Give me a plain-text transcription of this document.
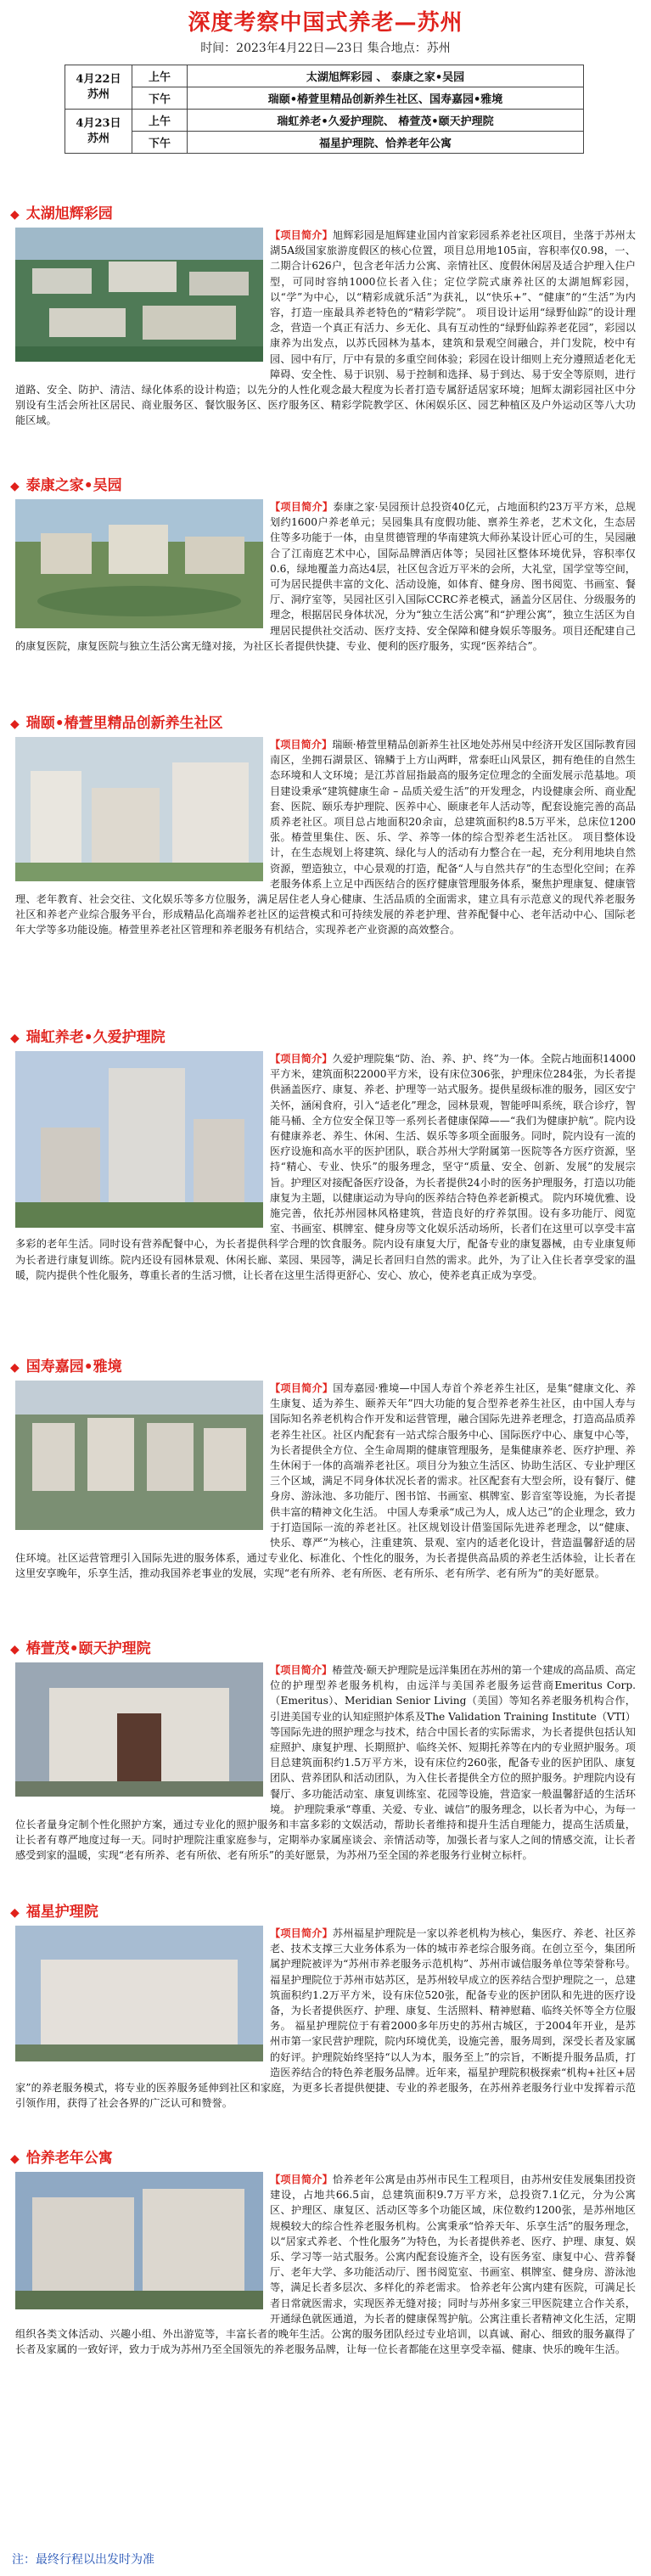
深度考察中国式养老—苏州
时间：2023年4月22日—23日 集合地点：苏州
4月22日
苏州	上午	太湖旭辉彩园 、 泰康之家•吴园
	下午	瑞颐•椿萱里精品创新养生社区、国寿嘉园•雅境
4月23日
苏州	上午	瑞虹养老•久爱护理院、 椿萱茂•颐天护理院
	下午	福星护理院、恰养老年公寓
◆ 太湖旭辉彩园
【项目简介】旭辉彩园是旭辉建业国内首家彩园系养老社区项目，坐落于苏州太湖5A级国家旅游度假区的核心位置，项目总用地105亩，容积率仅0.98，一、二期合计626户，包含老年活力公寓、亲情社区、度假休闲居及适合护理入住户型，可同时容纳1000位长者入住；定位学院式康养社区的太湖旭辉彩园，以“学”为中心，以“精彩成就乐活”为获礼，以“快乐+”、“健康”的“生活”为内容，打造一座最具养老特色的“精彩学院”。 项目设计运用“绿野仙踪”的设计理念，营造一个真正有活力、乡无化、具有互动性的“绿野仙踪养老花园”，彩园以康养为出发点，以苏氏园林为基本，建筑和景观空间融合，并门发院，校中有园、园中有厅，厅中有景的多重空间体验；彩园在设计细则上充分遵照适老化无障碍、安全性、易于识别、易于控制和选择、易于到达、易于安全等原则，进行道路、安全、防护、清洁、绿化体系的设计构造；以先分的人性化观念最大程度为长者打造专属舒适居家环境；旭辉太湖彩园社区中分别设有生活会所社区居民、商业服务区、餐饮服务区、医疗服务区、精彩学院教学区、休闲娱乐区、园艺种植区及户外运动区等八大功能区域。
◆ 泰康之家•吴园
【项目简介】泰康之家·吴园预计总投资40亿元，占地面积约23万平方米，总规划约1600户养老单元；吴园集具有度假功能、禀养生养老，艺术文化，生态居住等多功能于一体，由皇贯德管理的华南建筑大师孙某设计匠心可的生，吴园融合了江南庭艺术中心，国际品牌酒店体等；吴园社区整体环境优异，容积率仅0.6，绿地覆盖力高达4层，社区包含近万平米的会所，大礼堂，国学堂等空间，可为居民提供丰富的文化、活动设施，如体育、健身房、图书阅览、书画室、餐厅、洞疗室等，吴园社区引入国际CCRC养老模式，涵盖分区居住、分级服务的理念，根据居民身体状况，分为“独立生活公寓”和“护理公寓”，独立生活区为自理居民提供社交活动、医疗支持、安全保障和健身娱乐等服务。项目还配建自己的康复医院，康复医院与独立生活公寓无缝对接，为社区长者提供快捷、专业、便利的医疗服务，实现“医养结合”。
◆ 瑞颐•椿萱里精品创新养生社区
【项目简介】瑞颐·椿萱里精品创新养生社区地处苏州吴中经济开发区国际教育园南区，坐拥石湖景区、锦鳞于上方山两畔，常泰旺山风景区，拥有绝佳的自然生态环境和人文环境；是江苏首屈指最高的服务定位理念的全面发展示范基地。项目建设秉承“建筑健康生命 – 品质关爱生活”的开发理念，内设健康会所、商业配套、医院、颐乐寿护理院、医养中心、颐康老年人活动等，配套设施完善的高品质养老社区。项目总占地面积20余亩，总建筑面积约8.5万平米，总床位1200张。椿萱里集住、医、乐、学、养等一体的综合型养老生活社区。 项目整体设计，在生态规划上将建筑、绿化与人的活动有力整合在一起，充分利用地块自然资源，塑造独立，中心景观的打造，配备“人与自然共存”的生态型化空间；在养老服务体系上立足中西医结合的医疗健康管理服务体系，聚焦护理康复、健康管理、老年教育、社会交往、文化娱乐等多方位服务，满足居住老人身心健康、生活品质的全面需求，建立具有示范意义的现代养老服务社区和养老产业综合服务平台，形成精品化高端养老社区的运营模式和可持续发展的养老护理、营养配餐中心、老年活动中心、国际老年大学等多功能设施。椿萱里养老社区管理和养老服务有机结合，实现养老产业资源的高效整合。
◆ 瑞虹养老•久爱护理院
【项目简介】久爱护理院集“防、治、养、护、终”为一体。全院占地面积14000平方米，建筑面积22000平方米，设有床位306张，护理床位284张，为长者提供涵盖医疗、康复、养老、护理等一站式服务。提供星级标准的服务，园区安宁关怀，涵闲食府，引入“适老化”理念，园林景观，智能呼叫系统，联合诊疗，智能马桶、全方位安全保卫等一系列长者健康保障——“我们为健康护航”。院内设有健康养老、养生、休闲、生活、娱乐等多项全面服务。同时，院内设有一流的医疗设施和高水平的医护团队，联合苏州大学附属第一医院等各方医疗资源，坚持“精心、专业、快乐”的服务理念，坚守“质量、安全、创新、发展”的发展宗旨。护理区对接配备医疗设备，为长者提供24小时的医务护理服务，打造以功能康复为主题，以健康运动为导向的医养结合特色养老新模式。 院内环境优雅、设施完善，依托苏州园林风格建筑，营造良好的疗养氛围。设有多功能厅、阅览室、书画室、棋牌室、健身房等文化娱乐活动场所，长者们在这里可以享受丰富多彩的老年生活。同时设有营养配餐中心，为长者提供科学合理的饮食服务。院内设有康复大厅，配备专业的康复器械，由专业康复师为长者进行康复训练。院内还设有园林景观、休闲长廊、菜园、果园等，满足长者回归自然的需求。此外，为了让入住长者享受家的温暖，院内提供个性化服务，尊重长者的生活习惯，让长者在这里生活得更舒心、安心、放心，使养老真正成为享受。
◆ 国寿嘉园•雅境
【项目简介】国寿嘉园·雅境—中国人寿首个养老养生社区，是集“健康文化、养生康复、适为养生、颐养天年”四大功能的复合型养老养生社区，由中国人寿与国际知名养老机构合作开发和运营管理，融合国际先进养老理念，打造高品质养老养生社区。社区内配套有一站式综合服务中心、国际医疗中心、康复中心等，为长者提供全方位、全生命周期的健康管理服务，是集健康养老、医疗护理、养生休闲于一体的高端养老社区。项目分为独立生活区、协助生活区、专业护理区三个区域，满足不同身体状况长者的需求。社区配套有大型会所，设有餐厅、健身房、游泳池、多功能厅、图书馆、书画室、棋牌室、影音室等设施，为长者提供丰富的精神文化生活。 中国人寿秉承“成己为人，成人达己”的企业理念，致力于打造国际一流的养老社区。社区规划设计借鉴国际先进养老理念，以“健康、快乐、尊严”为核心，注重建筑、景观、室内的适老化设计，营造温馨舒适的居住环境。社区运营管理引入国际先进的服务体系，通过专业化、标准化、个性化的服务，为长者提供高品质的养老生活体验，让长者在这里安享晚年，乐享生活，推动我国养老事业的发展，实现“老有所养、老有所医、老有所乐、老有所学、老有所为”的美好愿景。
◆ 椿萱茂•颐天护理院
【项目简介】椿萱茂·颐天护理院是远洋集团在苏州的第一个建成的高品质、高定位的护理型养老服务机构，由远洋与美国养老服务运营商Emeritus Corp.（Emeritus）、Meridian Senior Living（美国）等知名养老服务机构合作，引进美国专业的认知症照护体系及The Validation Training Institute（VTI）等国际先进的照护理念与技术，结合中国长者的实际需求，为长者提供包括认知症照护、康复护理、长期照护、临终关怀、短期托养等在内的专业照护服务。项目总建筑面积约1.5万平方米，设有床位约260张，配备专业的医护团队、康复团队、营养团队和活动团队，为入住长者提供全方位的照护服务。护理院内设有餐厅、多功能活动室、康复训练室、花园等设施，营造家一般温馨舒适的生活环境。 护理院秉承“尊重、关爱、专业、诚信”的服务理念，以长者为中心，为每一位长者量身定制个性化照护方案，通过专业化的照护服务和丰富多彩的文娱活动，帮助长者维持和提升生活自理能力，提高生活质量，让长者有尊严地度过每一天。同时护理院注重家庭参与，定期举办家属座谈会、亲情活动等，加强长者与家人之间的情感交流，让长者感受到家的温暖，实现“老有所养、老有所依、老有所乐”的美好愿景，为苏州乃至全国的养老服务行业树立标杆。
◆ 福星护理院
【项目简介】苏州福星护理院是一家以养老机构为核心，集医疗、养老、社区养老、技术支撑三大业务体系为一体的城市养老综合服务商。在创立至今，集团所属护理院被评为“苏州市养老服务示范机构”、苏州市诚信服务单位等荣誉称号。福星护理院位于苏州市姑苏区，是苏州较早成立的医养结合型护理院之一，总建筑面积约1.2万平方米，设有床位520张，配备专业的医护团队和先进的医疗设备，为长者提供医疗、护理、康复、生活照料、精神慰藉、临终关怀等全方位服务。 福星护理院位于有着2000多年历史的苏州古城区，于2004年开业，是苏州市第一家民营护理院，院内环境优美，设施完善，服务周到，深受长者及家属的好评。护理院始终坚持“以人为本，服务至上”的宗旨，不断提升服务品质，打造医养结合的特色养老服务品牌。近年来，福星护理院积极探索“机构+社区+居家”的养老服务模式，将专业的医养服务延伸到社区和家庭，为更多长者提供便捷、专业的养老服务，在苏州养老服务行业中发挥着示范引领作用，获得了社会各界的广泛认可和赞誉。
◆ 恰养老年公寓
【项目简介】恰养老年公寓是由苏州市民生工程项目，由苏州安佳发展集团投资建设，占地共66.5亩，总建筑面积9.7万平方米，总投资7.1亿元，分为公寓区、护理区、康复区、活动区等多个功能区域，床位数约1200张，是苏州地区规模较大的综合性养老服务机构。公寓秉承“恰养天年、乐享生活”的服务理念，以“居家式养老、个性化服务”为特色，为长者提供养老、医疗、护理、康复、娱乐、学习等一站式服务。公寓内配套设施齐全，设有医务室、康复中心、营养餐厅、老年大学、多功能活动厅、图书阅览室、书画室、棋牌室、健身房、游泳池等，满足长者多层次、多样化的养老需求。 恰养老年公寓内建有医院，可满足长者日常就医需求，实现医养无缝对接；同时与苏州多家三甲医院建立合作关系，开通绿色就医通道，为长者的健康保驾护航。公寓注重长者精神文化生活，定期组织各类文体活动、兴趣小组、外出游览等，丰富长者的晚年生活。公寓的服务团队经过专业培训，以真诚、耐心、细致的服务赢得了长者及家属的一致好评，致力于成为苏州乃至全国领先的养老服务品牌，让每一位长者都能在这里享受幸福、健康、快乐的晚年生活。
注：最终行程以出发时为准
